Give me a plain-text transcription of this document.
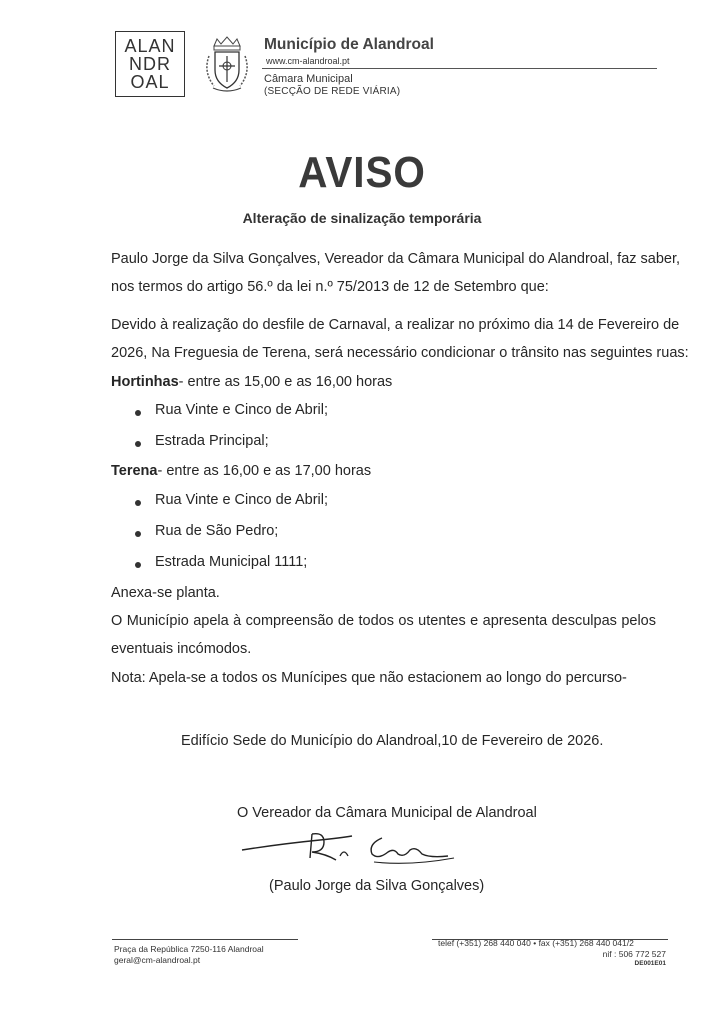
ALAN
NDR
OAL
Município de Alandroal
www.cm-alandroal.pt
Câmara Municipal
(SECÇÃO DE REDE VIÁRIA)
AVISO
Alteração de sinalização temporária
Paulo Jorge da Silva Gonçalves, Vereador da Câmara Municipal do Alandroal, faz saber,
nos termos do artigo 56.º da lei n.º 75/2013 de 12 de Setembro que:
Devido à realização do desfile de Carnaval, a realizar no próximo dia 14 de Fevereiro de
2026, Na Freguesia de Terena, será necessário condicionar o trânsito nas seguintes ruas:
Hortinhas- entre as 15,00 e as 16,00 horas
Rua Vinte e Cinco de Abril;
Estrada Principal;
Terena- entre as 16,00 e as 17,00 horas
Rua Vinte e Cinco de Abril;
Rua de São Pedro;
Estrada Municipal 1111;
Anexa-se planta.
O Município apela à compreensão de todos os utentes e apresenta desculpas pelos
eventuais incómodos.
Nota: Apela-se a todos os Munícipes que não estacionem ao longo do percurso-
Edifício Sede do Município do Alandroal,10 de Fevereiro de 2026.
O Vereador da Câmara Municipal de Alandroal
(Paulo Jorge da Silva Gonçalves)
Praça da República 7250-116 Alandroal
geral@cm-alandroal.pt
telef (+351) 268 440 040 • fax (+351) 268 440 041/2
nif : 506 772 527
DE001E01
